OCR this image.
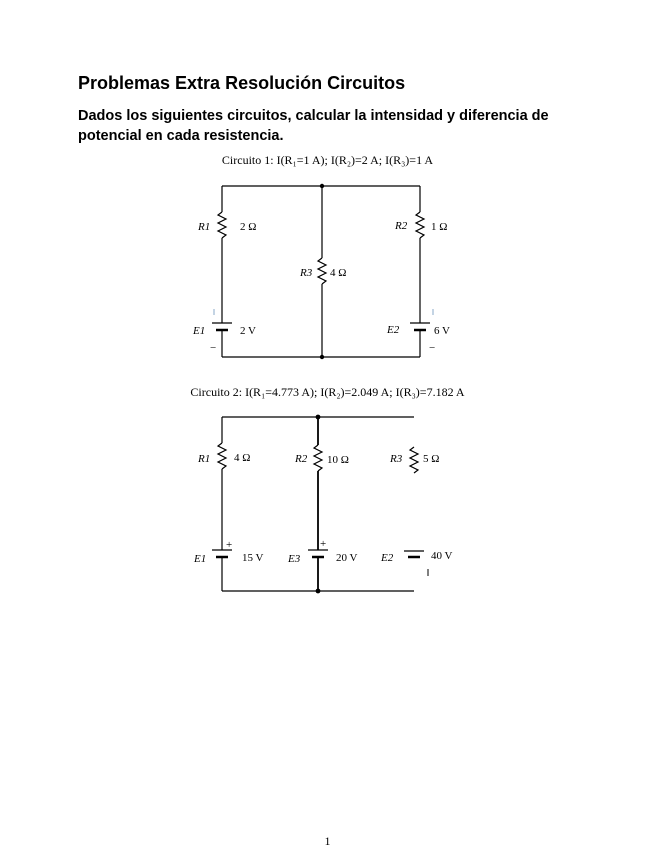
Problemas Extra Resolución Circuitos

Dados los siguientes circuitos, calcular la intensidad y diferencia de potencial en cada resistencia.

Circuito 1: I(R₁=1 A); I(R₂)=2 A; I(R₃)=1 A

Circuito 2: I(R₁=4.773 A); I(R₂)=2.049 A; I(R₃)=7.182 A

R1	2 Ω	R2 1 Ω
R3 4 Ω
E1	2 V	E2	6 V
−	−
R1 4 Ω	R2 10 Ω	R3 5 Ω
E1	15 V E3	20 V E2	40 V
+	+

1
